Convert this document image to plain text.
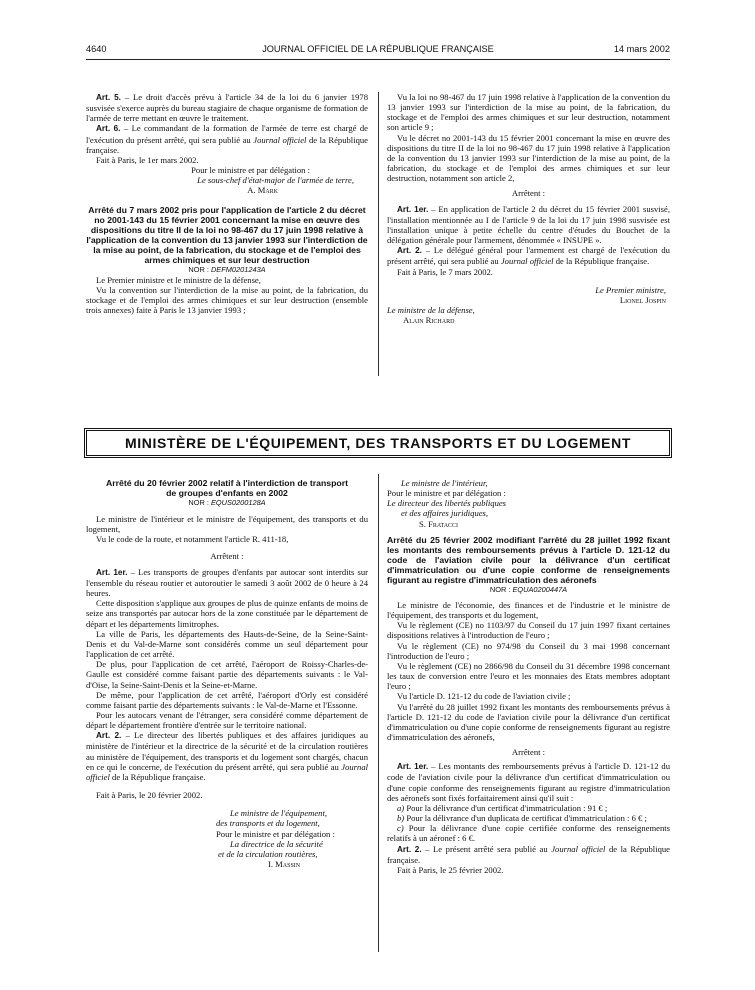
4640	JOURNAL OFFICIEL DE LA RÉPUBLIQUE FRANÇAISE	14 mars 2002

Art. 5. – Le droit d'accès prévu à l'article 34 de la loi du 6 janvier 1978 susvisée s'exerce auprès du bureau stagiaire de chaque organisme de formation de l'armée de terre mettant en œuvre le traitement.

Art. 6. – Le commandant de la formation de l'armée de terre est chargé de l'exécution du présent arrêté, qui sera publié au Journal officiel de la République française.

Fait à Paris, le 1er mars 2002.

Pour le ministre et par délégation :

Le sous-chef d'état-major de l'armée de terre,

A. Mark

Arrêté du 7 mars 2002 pris pour l'application de l'article 2 du décret no 2001-143 du 15 février 2001 concernant la mise en œuvre des dispositions du titre II de la loi no 98-467 du 17 juin 1998 relative à l'application de la convention du 13 janvier 1993 sur l'interdiction de la mise au point, de la fabrication, du stockage et de l'emploi des armes chimiques et sur leur destruction

NOR : DEFM0201243A

Le Premier ministre et le ministre de la défense,

Vu la convention sur l'interdiction de la mise au point, de la fabrication, du stockage et de l'emploi des armes chimiques et sur leur destruction (ensemble trois annexes) faite à Paris le 13 janvier 1993 ;

Vu la loi no 98-467 du 17 juin 1998 relative à l'application de la convention du 13 janvier 1993 sur l'interdiction de la mise au point, de la fabrication, du stockage et de l'emploi des armes chimiques et sur leur destruction, notamment son article 9 ;

Vu le décret no 2001-143 du 15 février 2001 concernant la mise en œuvre des dispositions du titre II de la loi no 98-467 du 17 juin 1998 relative à l'application de la convention du 13 janvier 1993 sur l'interdiction de la mise au point, de la fabrication, du stockage et de l'emploi des armes chimiques et sur leur destruction, notamment son article 2,

Arrêtent :

Art. 1er. – En application de l'article 2 du décret du 15 février 2001 susvisé, l'installation mentionnée au I de l'article 9 de la loi du 17 juin 1998 susvisée est l'installation unique à petite échelle du centre d'études du Bouchet de la délégation générale pour l'armement, dénommée « INSUPE ».

Art. 2. – Le délégué général pour l'armement est chargé de l'exécution du présent arrêté, qui sera publié au Journal officiel de la République française.

Fait à Paris, le 7 mars 2002.

Le Premier ministre,

Lionel Jospin

Le ministre de la défense,

Alain Richard

MINISTÈRE DE L'ÉQUIPEMENT, DES TRANSPORTS ET DU LOGEMENT

Arrêté du 20 février 2002 relatif à l'interdiction de transport de groupes d'enfants en 2002

NOR : EQUS0200128A

Le ministre de l'intérieur et le ministre de l'équipement, des transports et du logement,

Vu le code de la route, et notamment l'article R. 411-18,

Arrêtent :

Art. 1er. – Les transports de groupes d'enfants par autocar sont interdits sur l'ensemble du réseau routier et autoroutier le samedi 3 août 2002 de 0 heure à 24 heures.

Cette disposition s'applique aux groupes de plus de quinze enfants de moins de seize ans transportés par autocar hors de la zone constituée par le département de départ et les départements limitrophes.

La ville de Paris, les départements des Hauts-de-Seine, de la Seine-Saint-Denis et du Val-de-Marne sont considérés comme un seul département pour l'application de cet arrêté.

De plus, pour l'application de cet arrêté, l'aéroport de Roissy-Charles-de-Gaulle est considéré comme faisant partie des départements suivants : le Val-d'Oise, la Seine-Saint-Denis et la Seine-et-Marne.

De même, pour l'application de cet arrêté, l'aéroport d'Orly est considéré comme faisant partie des départements suivants : le Val-de-Marne et l'Essonne.

Pour les autocars venant de l'étranger, sera considéré comme département de départ le département frontière d'entrée sur le territoire national.

Art. 2. – Le directeur des libertés publiques et des affaires juridiques au ministère de l'intérieur et la directrice de la sécurité et de la circulation routières au ministère de l'équipement, des transports et du logement sont chargés, chacun en ce qui le concerne, de l'exécution du présent arrêté, qui sera publié au Journal officiel de la République française.

Fait à Paris, le 20 février 2002.

Le ministre de l'équipement,

des transports et du logement,

Pour le ministre et par délégation :

La directrice de la sécurité

et de la circulation routières,

I. Massin

Le ministre de l'intérieur,

Pour le ministre et par délégation :

Le directeur des libertés publiques

et des affaires juridiques,

S. Fratacci

Arrêté du 25 février 2002 modifiant l'arrêté du 28 juillet 1992 fixant les montants des remboursements prévus à l'article D. 121-12 du code de l'aviation civile pour la délivrance d'un certificat d'immatriculation ou d'une copie conforme de renseignements figurant au registre d'immatriculation des aéronefs

NOR : EQUA0200447A

Le ministre de l'économie, des finances et de l'industrie et le ministre de l'équipement, des transports et du logement,

Vu le règlement (CE) no 1103/97 du Conseil du 17 juin 1997 fixant certaines dispositions relatives à l'introduction de l'euro ;

Vu le règlement (CE) no 974/98 du Conseil du 3 mai 1998 concernant l'introduction de l'euro ;

Vu le règlement (CE) no 2866/98 du Conseil du 31 décembre 1998 concernant les taux de conversion entre l'euro et les monnaies des Etats membres adoptant l'euro ;

Vu l'article D. 121-12 du code de l'aviation civile ;

Vu l'arrêté du 28 juillet 1992 fixant les montants des remboursements prévus à l'article D. 121-12 du code de l'aviation civile pour la délivrance d'un certificat d'immatriculation ou d'une copie conforme de renseignements figurant au registre d'immatriculation des aéronefs,

Arrêtent :

Art. 1er. – Les montants des remboursements prévus à l'article D. 121-12 du code de l'aviation civile pour la délivrance d'un certificat d'immatriculation ou d'une copie conforme des renseignements figurant au registre d'immatriculation des aéronefs sont fixés forfaitairement ainsi qu'il suit :

a) Pour la délivrance d'un certificat d'immatriculation : 91 € ;

b) Pour la délivrance d'un duplicata de certificat d'immatriculation : 6 € ;

c) Pour la délivrance d'une copie certifiée conforme des renseignements relatifs à un aéronef : 6 €.

Art. 2. – Le présent arrêté sera publié au Journal officiel de la République française.

Fait à Paris, le 25 février 2002.
